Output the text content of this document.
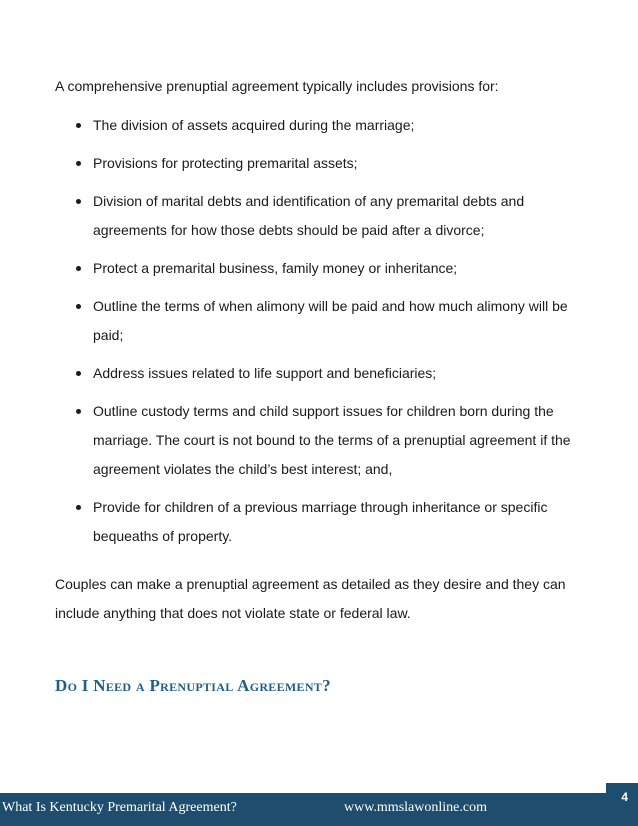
A comprehensive prenuptial agreement typically includes provisions for:

The division of assets acquired during the marriage;
Provisions for protecting premarital assets;
Division of marital debts and identification of any premarital debts and agreements for how those debts should be paid after a divorce;
Protect a premarital business, family money or inheritance;
Outline the terms of when alimony will be paid and how much alimony will be paid;
Address issues related to life support and beneficiaries;
Outline custody terms and child support issues for children born during the marriage. The court is not bound to the terms of a prenuptial agreement if the agreement violates the child’s best interest; and,
Provide for children of a previous marriage through inheritance or specific bequeaths of property.

Couples can make a prenuptial agreement as detailed as they desire and they can include anything that does not violate state or federal law.

Do I Need a Prenuptial Agreement?
4
What Is Kentucky Premarital Agreement?	www.mmslawonline.com
